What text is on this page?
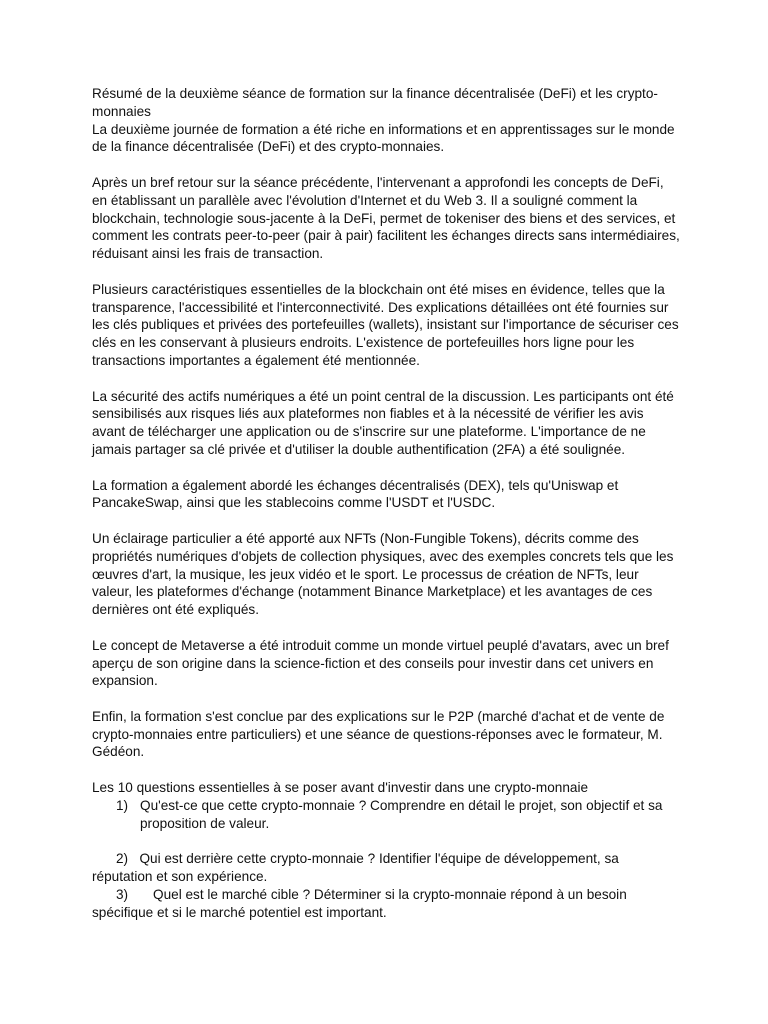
Résumé de la deuxième séance de formation sur la finance décentralisée (DeFi) et les crypto-monnaies

La deuxième journée de formation a été riche en informations et en apprentissages sur le monde de la finance décentralisée (DeFi) et des crypto-monnaies.

Après un bref retour sur la séance précédente, l'intervenant a approfondi les concepts de DeFi, en établissant un parallèle avec l'évolution d'Internet et du Web 3. Il a souligné comment la blockchain, technologie sous-jacente à la DeFi, permet de tokeniser des biens et des services, et comment les contrats peer-to-peer (pair à pair) facilitent les échanges directs sans intermédiaires, réduisant ainsi les frais de transaction.

Plusieurs caractéristiques essentielles de la blockchain ont été mises en évidence, telles que la transparence, l'accessibilité et l'interconnectivité. Des explications détaillées ont été fournies sur les clés publiques et privées des portefeuilles (wallets), insistant sur l'importance de sécuriser ces clés en les conservant à plusieurs endroits. L'existence de portefeuilles hors ligne pour les transactions importantes a également été mentionnée.

La sécurité des actifs numériques a été un point central de la discussion. Les participants ont été sensibilisés aux risques liés aux plateformes non fiables et à la nécessité de vérifier les avis avant de télécharger une application ou de s'inscrire sur une plateforme. L'importance de ne jamais partager sa clé privée et d'utiliser la double authentification (2FA) a été soulignée.

La formation a également abordé les échanges décentralisés (DEX), tels qu'Uniswap et PancakeSwap, ainsi que les stablecoins comme l'USDT et l'USDC.

Un éclairage particulier a été apporté aux NFTs (Non-Fungible Tokens), décrits comme des propriétés numériques d'objets de collection physiques, avec des exemples concrets tels que les œuvres d'art, la musique, les jeux vidéo et le sport. Le processus de création de NFTs, leur valeur, les plateformes d'échange (notamment Binance Marketplace) et les avantages de ces dernières ont été expliqués.

Le concept de Metaverse a été introduit comme un monde virtuel peuplé d'avatars, avec un bref aperçu de son origine dans la science-fiction et des conseils pour investir dans cet univers en expansion.

Enfin, la formation s'est conclue par des explications sur le P2P (marché d'achat et de vente de crypto-monnaies entre particuliers) et une séance de questions-réponses avec le formateur, M. Gédéon.

Les 10 questions essentielles à se poser avant d'investir dans une crypto-monnaie

1) Qu'est-ce que cette crypto-monnaie ? Comprendre en détail le projet, son objectif et sa proposition de valeur.
2) Qui est derrière cette crypto-monnaie ? Identifier l'équipe de développement, sa réputation et son expérience.
3) Quel est le marché cible ? Déterminer si la crypto-monnaie répond à un besoin spécifique et si le marché potentiel est important.
